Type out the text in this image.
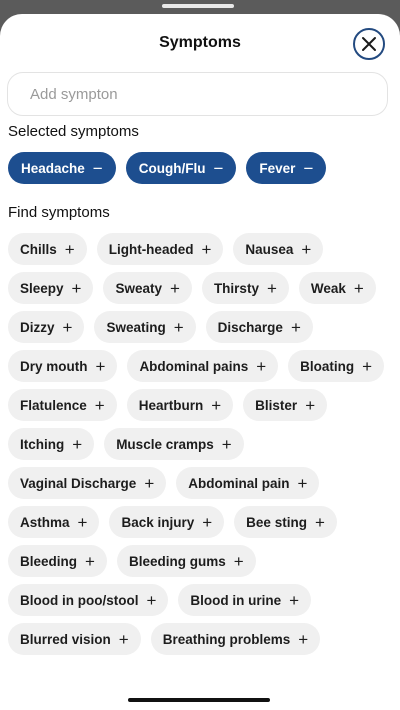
Symptoms
Add sympton
Selected symptoms
Headache −	Cough/Flu −	Fever −
Find symptoms
Chills +	Light-headed +	Nausea +
Sleepy +	Sweaty +	Thirsty +	Weak +
Dizzy +	Sweating +	Discharge +
Dry mouth +	Abdominal pains +	Bloating +
Flatulence +	Heartburn +	Blister +
Itching +	Muscle cramps +
Vaginal Discharge +	Abdominal pain +
Asthma +	Back injury +	Bee sting +
Bleeding +	Bleeding gums +
Blood in poo/stool +	Blood in urine +
Blurred vision +	Breathing problems +
